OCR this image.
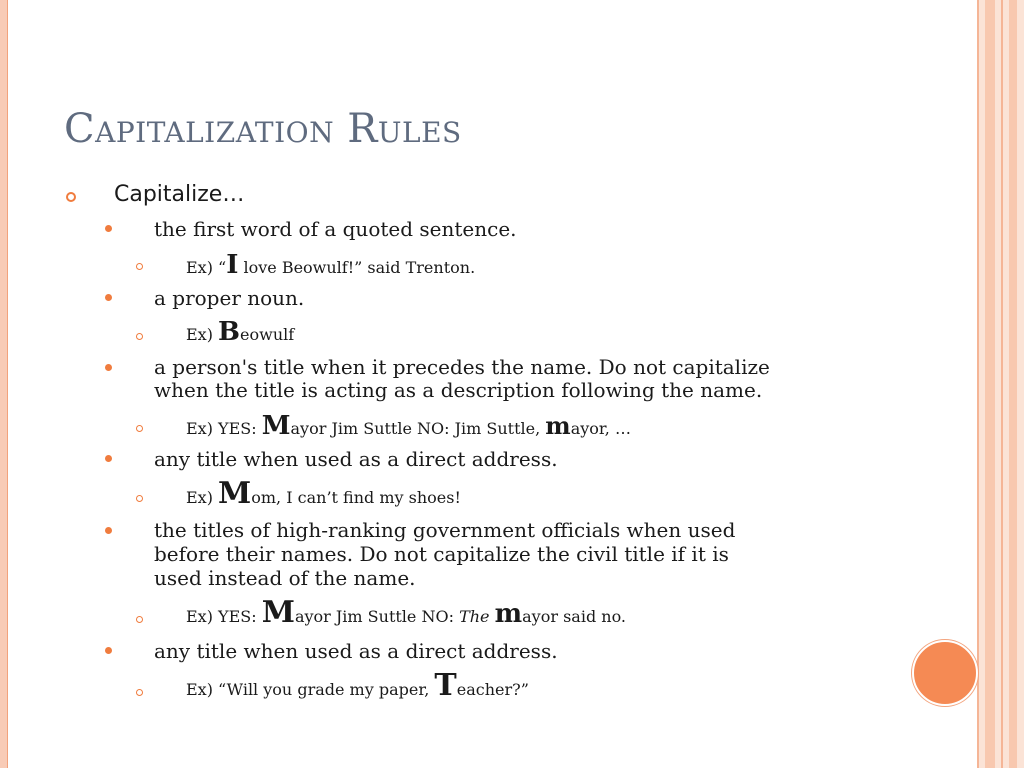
Capitalization Rules
Capitalize…
the first word of a quoted sentence.
Ex) “I love Beowulf!” said Trenton.
a proper noun.
Ex) Beowulf
a person's title when it precedes the name. Do not capitalize
when the title is acting as a description following the name.
Ex) YES: Mayor Jim Suttle NO: Jim Suttle, mayor, …
any title when used as a direct address.
Ex) Mom, I can’t find my shoes!
the titles of high-ranking government officials when used
before their names. Do not capitalize the civil title if it is
used instead of the name.
Ex) YES: Mayor Jim Suttle NO: The mayor said no.
any title when used as a direct address.
Ex) “Will you grade my paper, Teacher?”
